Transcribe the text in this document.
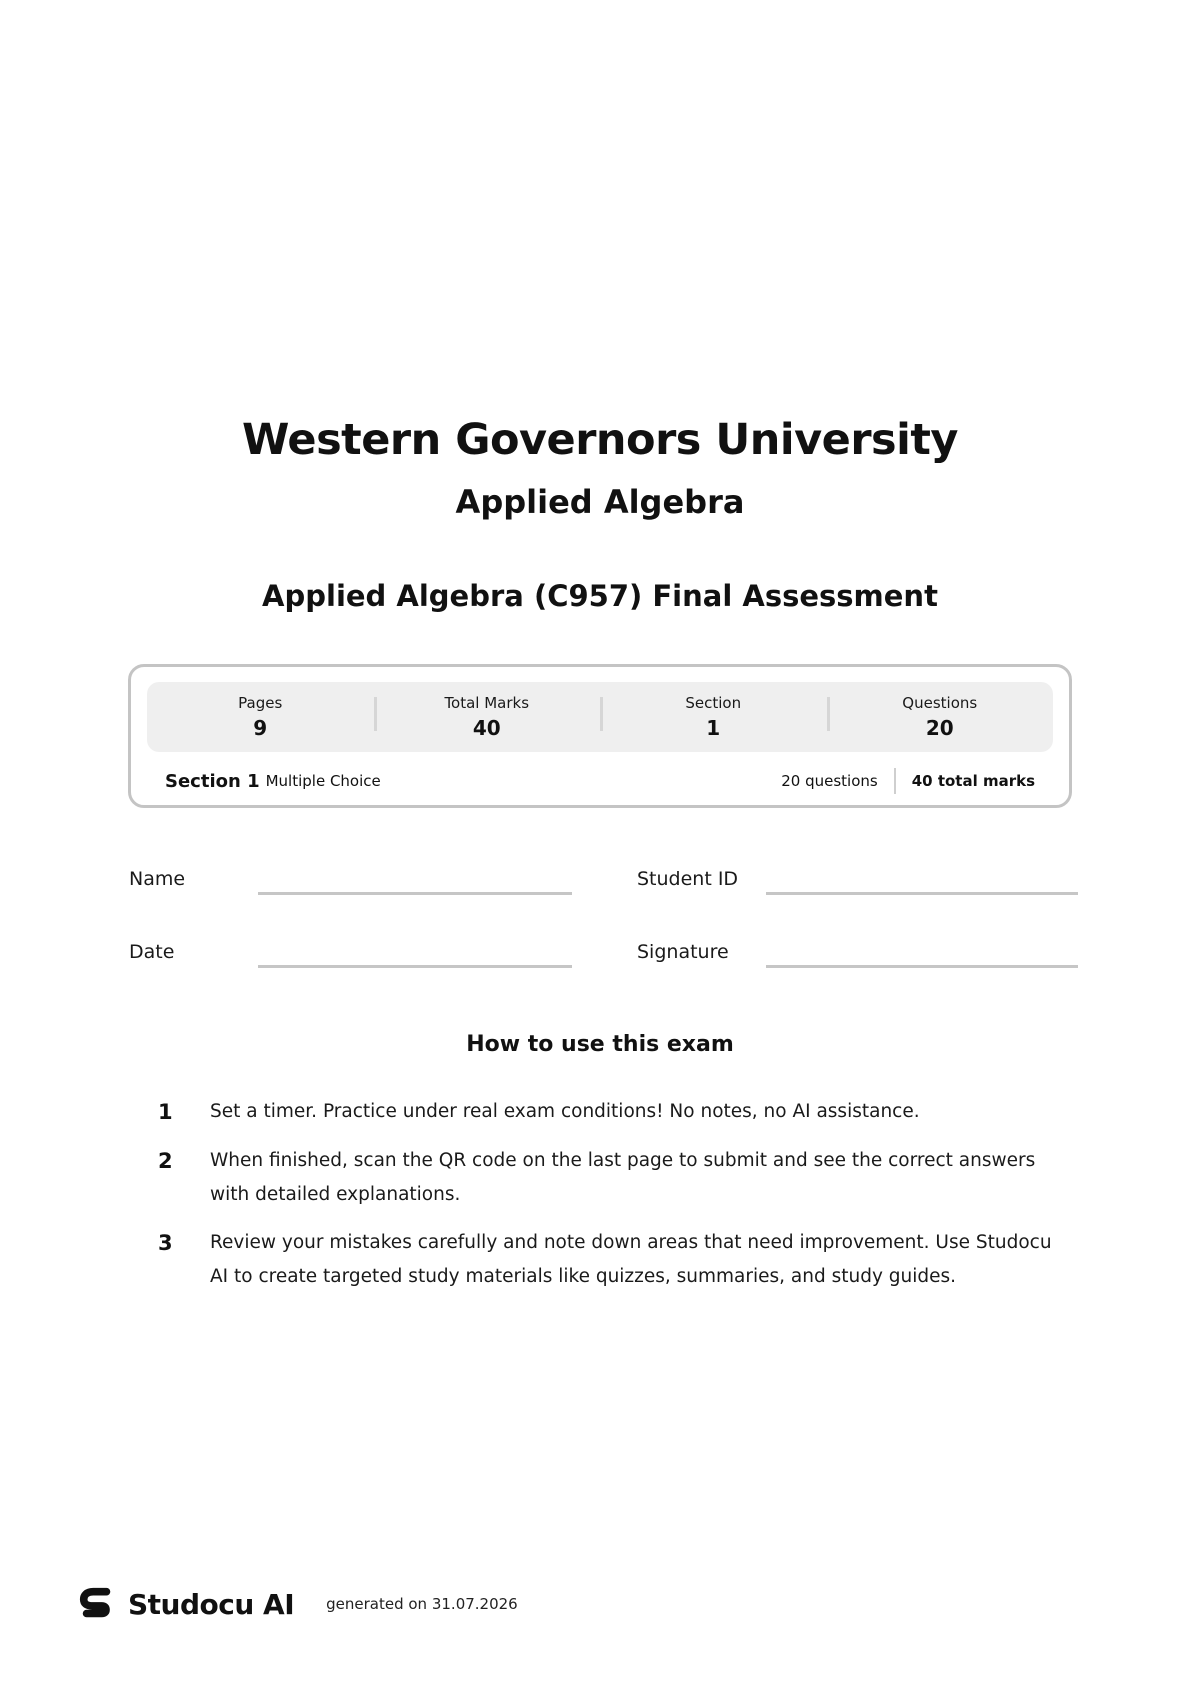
Western Governors University
Applied Algebra
Applied Algebra (C957) Final Assessment
Pages
9
Total Marks
40
Section
1
Questions
20
Section 1 Multiple Choice	20 questions	40 total marks
Name	Student ID
Date	Signature
How to use this exam
1	Set a timer. Practice under real exam conditions! No notes, no AI assistance.
2	When finished, scan the QR code on the last page to submit and see the correct answers with detailed explanations.
3	Review your mistakes carefully and note down areas that need improvement. Use Studocu AI to create targeted study materials like quizzes, summaries, and study guides.
Studocu AI generated on 31.07.2026
